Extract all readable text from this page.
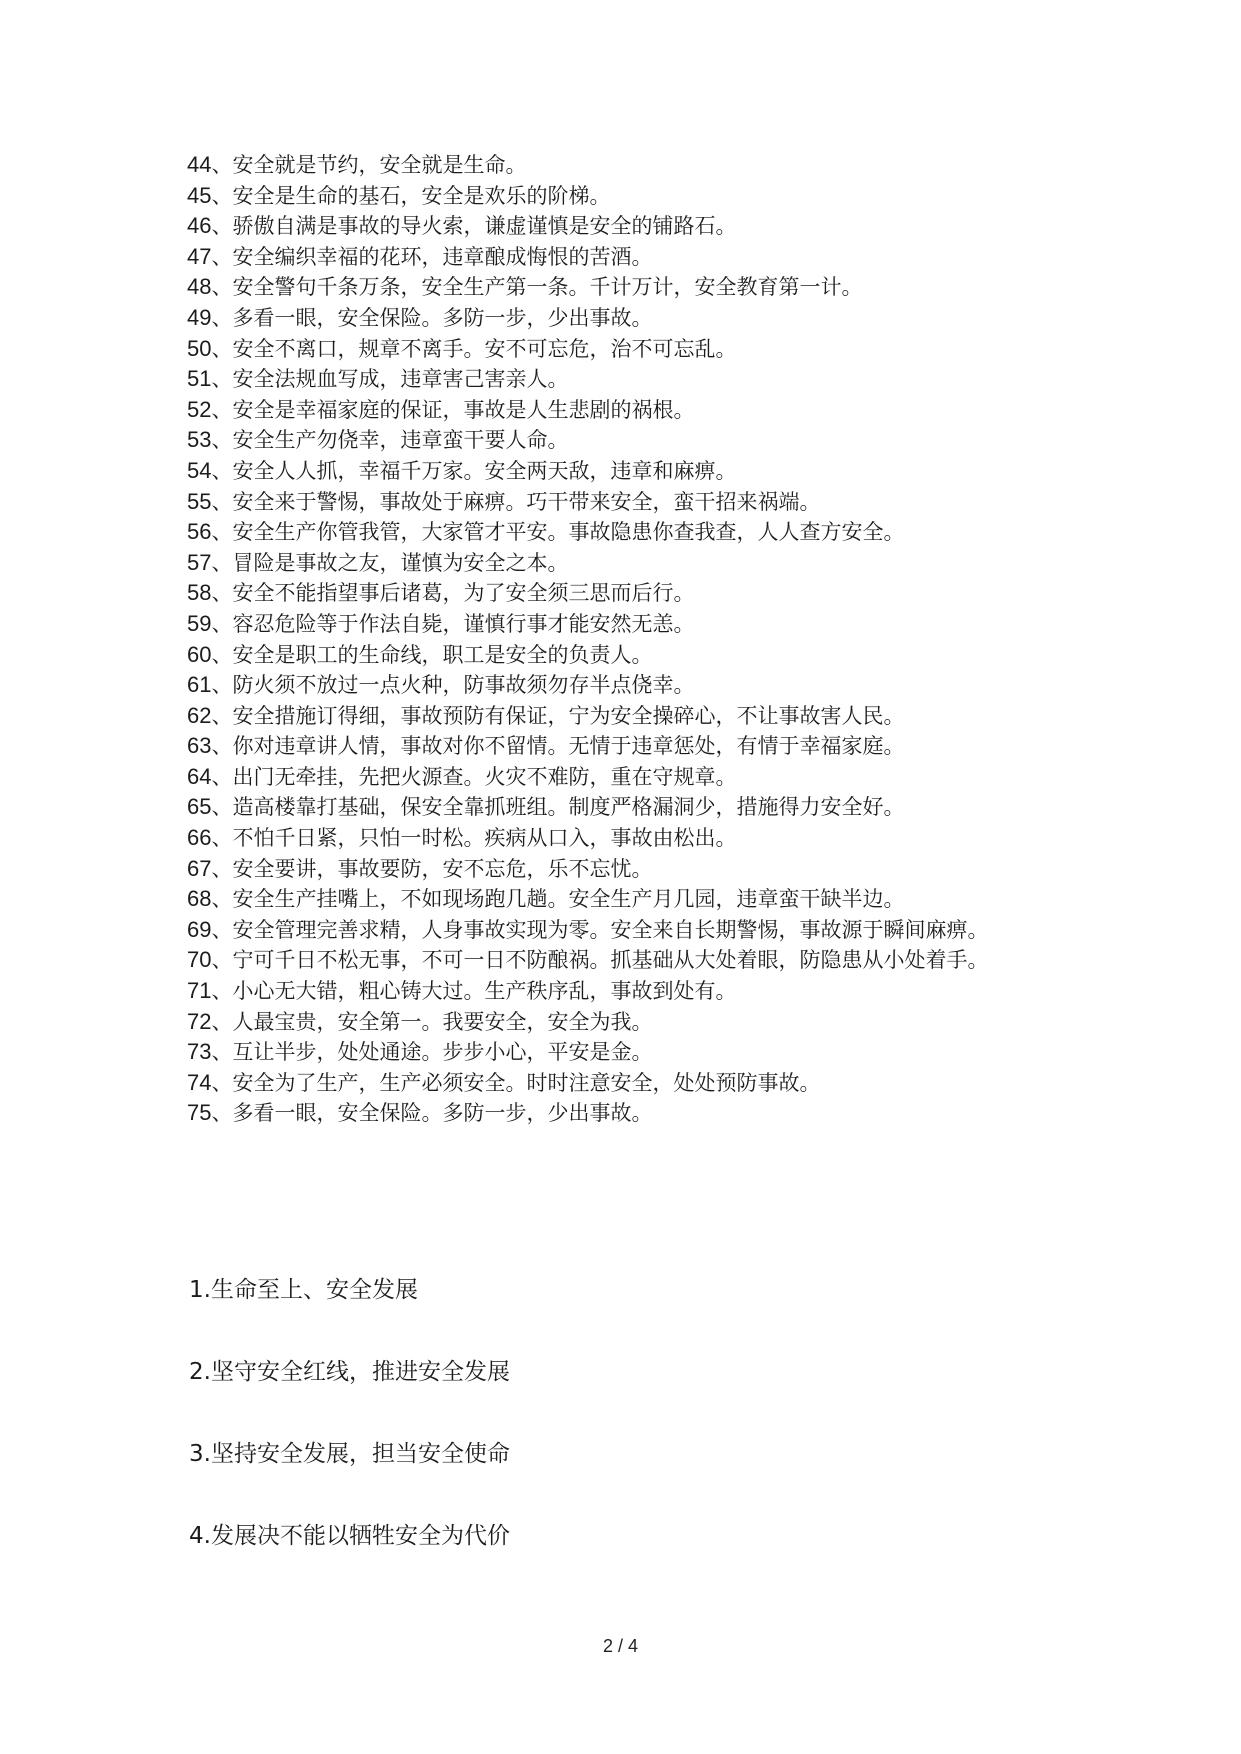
44、安全就是节约，安全就是生命。
45、安全是生命的基石，安全是欢乐的阶梯。
46、骄傲自满是事故的导火索，谦虚谨慎是安全的铺路石。
47、安全编织幸福的花环，违章酿成悔恨的苦酒。
48、安全警句千条万条，安全生产第一条。千计万计，安全教育第一计。
49、多看一眼，安全保险。多防一步，少出事故。
50、安全不离口，规章不离手。安不可忘危，治不可忘乱。
51、安全法规血写成，违章害己害亲人。
52、安全是幸福家庭的保证，事故是人生悲剧的祸根。
53、安全生产勿侥幸，违章蛮干要人命。
54、安全人人抓，幸福千万家。安全两天敌，违章和麻痹。
55、安全来于警惕，事故处于麻痹。巧干带来安全，蛮干招来祸端。
56、安全生产你管我管，大家管才平安。事故隐患你查我查，人人查方安全。
57、冒险是事故之友，谨慎为安全之本。
58、安全不能指望事后诸葛，为了安全须三思而后行。
59、容忍危险等于作法自毙，谨慎行事才能安然无恙。
60、安全是职工的生命线，职工是安全的负责人。
61、防火须不放过一点火种，防事故须勿存半点侥幸。
62、安全措施订得细，事故预防有保证，宁为安全操碎心，不让事故害人民。
63、你对违章讲人情，事故对你不留情。无情于违章惩处，有情于幸福家庭。
64、出门无牵挂，先把火源查。火灾不难防，重在守规章。
65、造高楼靠打基础，保安全靠抓班组。制度严格漏洞少，措施得力安全好。
66、不怕千日紧，只怕一时松。疾病从口入，事故由松出。
67、安全要讲，事故要防，安不忘危，乐不忘忧。
68、安全生产挂嘴上，不如现场跑几趟。安全生产月几园，违章蛮干缺半边。
69、安全管理完善求精，人身事故实现为零。安全来自长期警惕，事故源于瞬间麻痹。
70、宁可千日不松无事，不可一日不防酿祸。抓基础从大处着眼，防隐患从小处着手。
71、小心无大错，粗心铸大过。生产秩序乱，事故到处有。
72、人最宝贵，安全第一。我要安全，安全为我。
73、互让半步，处处通途。步步小心，平安是金。
74、安全为了生产，生产必须安全。时时注意安全，处处预防事故。
75、多看一眼，安全保险。多防一步，少出事故。
1.生命至上、安全发展
2.坚守安全红线，推进安全发展
3.坚持安全发展，担当安全使命
4.发展决不能以牺牲安全为代价
2 / 4
